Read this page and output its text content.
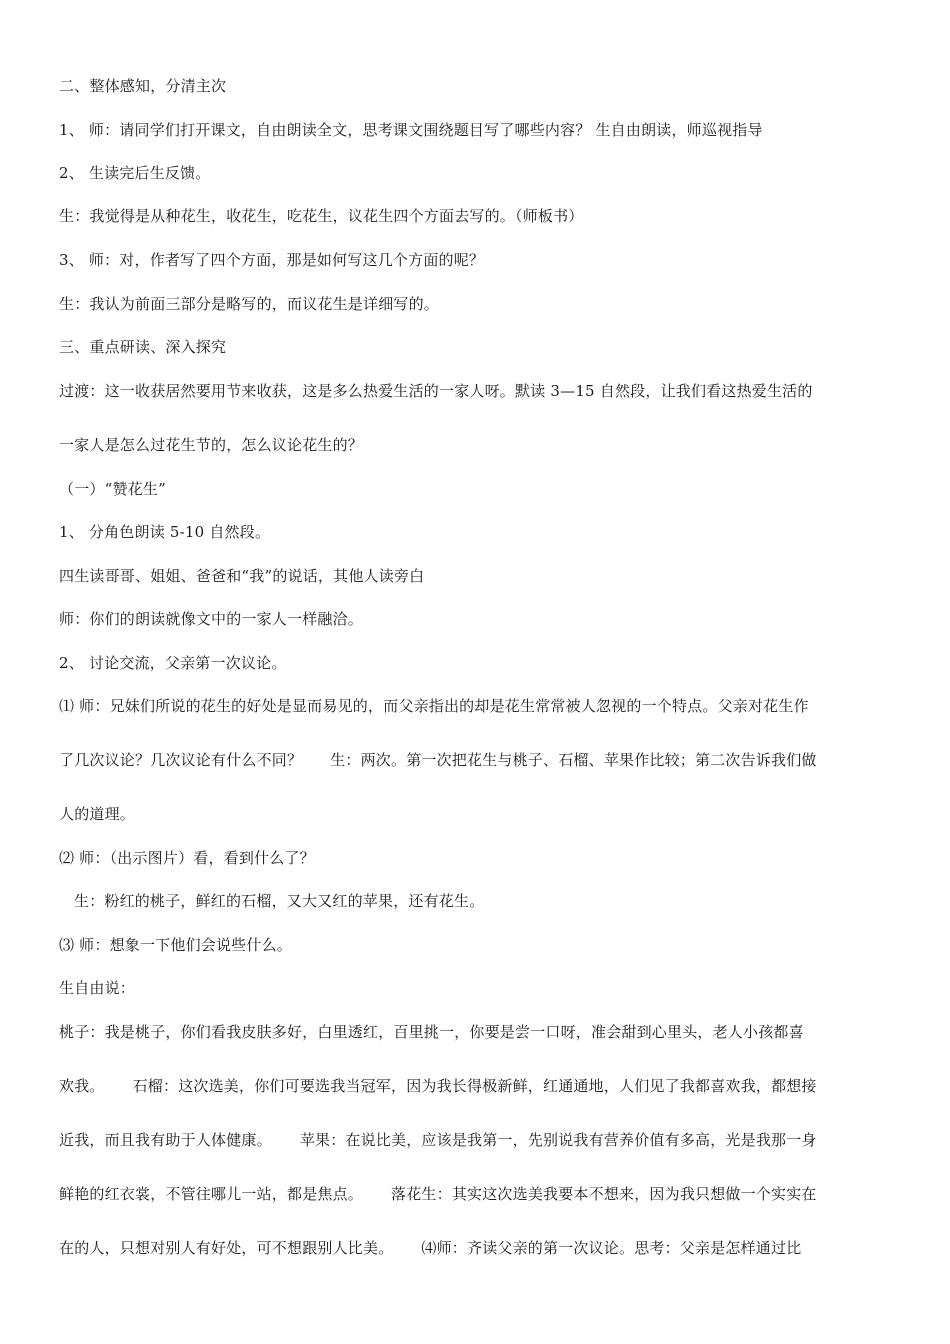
二、整体感知，分清主次
1、 师：请同学们打开课文，自由朗读全文，思考课文围绕题目写了哪些内容？ 生自由朗读，师巡视指导
2、 生读完后生反馈。
生：我觉得是从种花生，收花生，吃花生，议花生四个方面去写的。（师板书）
3、 师：对，作者写了四个方面，那是如何写这几个方面的呢？
生：我认为前面三部分是略写的，而议花生是详细写的。
三、重点研读、深入探究
过渡：这一收获居然要用节来收获，这是多么热爱生活的一家人呀。默读 3—15 自然段，让我们看这热爱生活的
一家人是怎么过花生节的，怎么议论花生的？
（一）“赞花生”
1、 分角色朗读 5-10 自然段。
四生读哥哥、姐姐、爸爸和“我”的说话，其他人读旁白
师：你们的朗读就像文中的一家人一样融洽。
2、 讨论交流，父亲第一次议论。
⑴ 师：兄妹们所说的花生的好处是显而易见的，而父亲指出的却是花生常常被人忽视的一个特点。父亲对花生作
了几次议论？几次议论有什么不同？ 生：两次。第一次把花生与桃子、石榴、苹果作比较；第二次告诉我们做
人的道理。
⑵ 师：（出示图片）看，看到什么了？
生：粉红的桃子，鲜红的石榴，又大又红的苹果，还有花生。
⑶ 师：想象一下他们会说些什么。
生自由说：
桃子：我是桃子，你们看我皮肤多好，白里透红，百里挑一，你要是尝一口呀，准会甜到心里头，老人小孩都喜
欢我。 石榴：这次选美，你们可要选我当冠军，因为我长得极新鲜，红通通地，人们见了我都喜欢我，都想接
近我，而且我有助于人体健康。 苹果：在说比美，应该是我第一，先别说我有营养价值有多高，光是我那一身
鲜艳的红衣裳，不管往哪儿一站，都是焦点。 落花生：其实这次选美我要本不想来，因为我只想做一个实实在
在的人，只想对别人有好处，可不想跟别人比美。 ⑷师：齐读父亲的第一次议论。思考：父亲是怎样通过比
